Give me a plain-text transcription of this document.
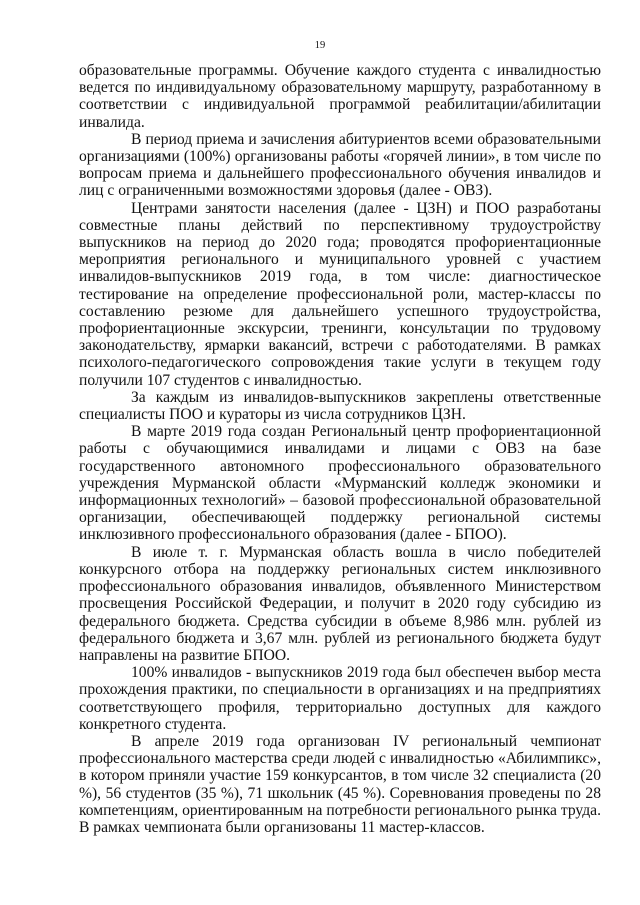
19

образовательные программы. Обучение каждого студента с инвалидностью ведется по индивидуальному образовательному маршруту, разработанному в соответствии с индивидуальной программой реабилитации/абилитации инвалида.

В период приема и зачисления абитуриентов всеми образовательными организациями (100%) организованы работы «горячей линии», в том числе по вопросам приема и дальнейшего профессионального обучения инвалидов и лиц с ограниченными возможностями здоровья (далее - ОВЗ).

Центрами занятости населения (далее - ЦЗН) и ПОО разработаны совместные планы действий по перспективному трудоустройству выпускников на период до 2020 года; проводятся профориентационные мероприятия регионального и муниципального уровней с участием инвалидов-выпускников 2019 года, в том числе: диагностическое тестирование на определение профессиональной роли, мастер-классы по составлению резюме для дальнейшего успешного трудоустройства, профориентационные экскурсии, тренинги, консультации по трудовому законодательству, ярмарки вакансий, встречи с работодателями. В рамках психолого-педагогического сопровождения такие услуги в текущем году получили 107 студентов с инвалидностью.

За каждым из инвалидов-выпускников закреплены ответственные специалисты ПОО и кураторы из числа сотрудников ЦЗН.

В марте 2019 года создан Региональный центр профориентационной работы с обучающимися инвалидами и лицами с ОВЗ на базе государственного автономного профессионального образовательного учреждения Мурманской области «Мурманский колледж экономики и информационных технологий» – базовой профессиональной образовательной организации, обеспечивающей поддержку региональной системы инклюзивного профессионального образования (далее - БПОО).

В июле т. г. Мурманская область вошла в число победителей конкурсного отбора на поддержку региональных систем инклюзивного профессионального образования инвалидов, объявленного Министерством просвещения Российской Федерации, и получит в 2020 году субсидию из федерального бюджета. Средства субсидии в объеме 8,986 млн. рублей из федерального бюджета и 3,67 млн. рублей из регионального бюджета будут направлены на развитие БПОО.

100% инвалидов - выпускников 2019 года был обеспечен выбор места прохождения практики, по специальности в организациях и на предприятиях соответствующего профиля, территориально доступных для каждого конкретного студента.

В апреле 2019 года организован IV региональный чемпионат профессионального мастерства среди людей с инвалидностью «Абилимпикс», в котором приняли участие 159 конкурсантов, в том числе 32 специалиста (20 %), 56 студентов (35 %), 71 школьник (45 %). Соревнования проведены по 28 компетенциям, ориентированным на потребности регионального рынка труда. В рамках чемпионата были организованы 11 мастер-классов.
